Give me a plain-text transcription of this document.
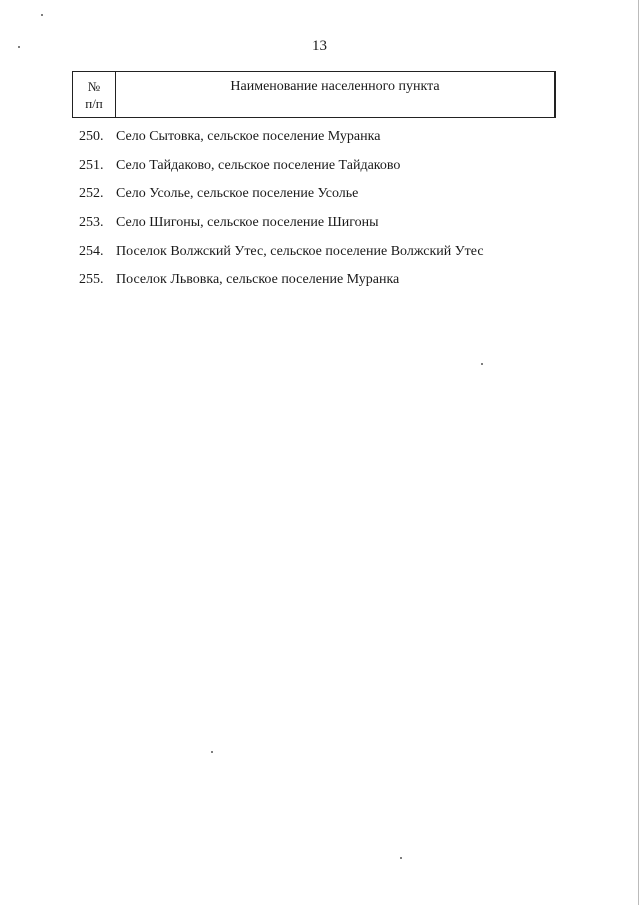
13
№
п/п
Наименование населенного пункта
250. Село Сытовка, сельское поселение Муранка
251. Село Тайдаково, сельское поселение Тайдаково
252. Село Усолье, сельское поселение Усолье
253. Село Шигоны, сельское поселение Шигоны
254. Поселок Волжский Утес, сельское поселение Волжский Утес
255. Поселок Львовка, сельское поселение Муранка
